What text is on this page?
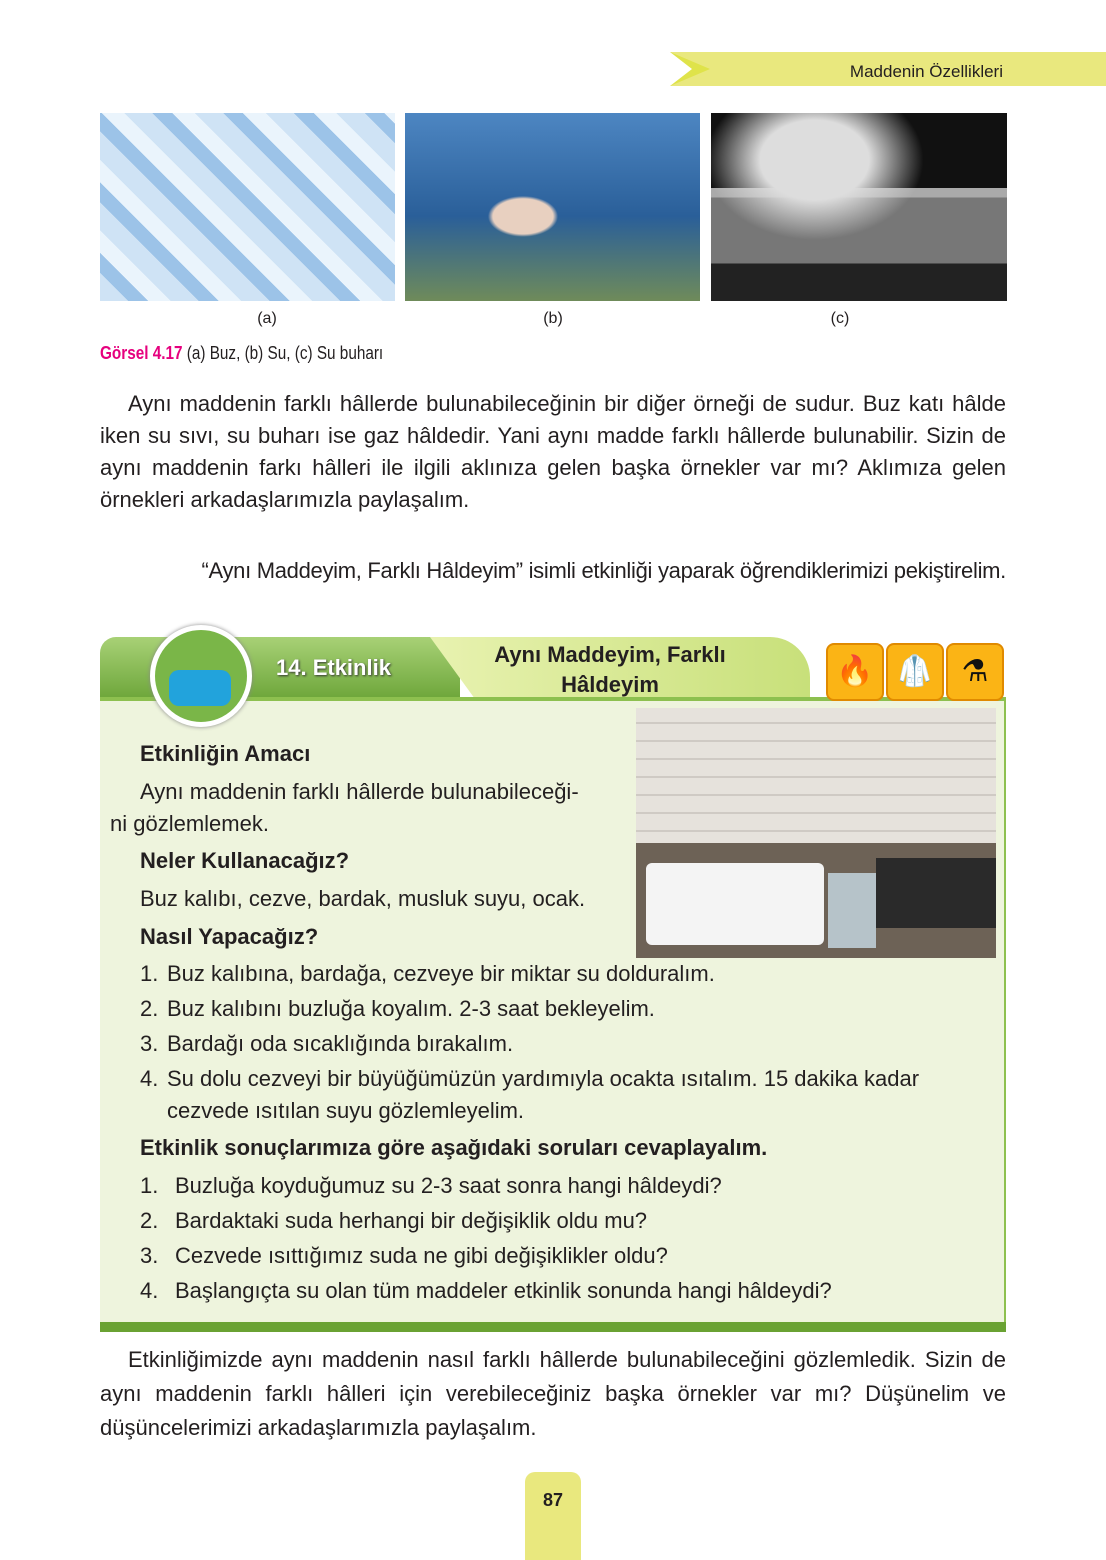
Maddenin Özellikleri
(a)	(b)	(c)
Görsel 4.17 (a) Buz, (b) Su, (c) Su buharı
Aynı maddenin farklı hâllerde bulunabileceğinin bir diğer örneği de sudur. Buz katı hâlde iken su sıvı, su buharı ise gaz hâldedir. Yani aynı madde farklı hâllerde bulunabilir. Sizin de aynı maddenin farkı hâlleri ile ilgili aklınıza gelen başka örnekler var mı? Aklımıza gelen örnekleri arkadaşlarımızla paylaşalım.
“Aynı Maddeyim, Farklı Hâldeyim” isimli etkinliği yaparak öğrendiklerimizi pekiştirelim.
14. Etkinlik
Aynı Maddeyim, Farklı
Hâldeyim	🔥 🥼 ⚗
Etkinliğin Amacı
Aynı maddenin farklı hâllerde bulunabileceği-
ni gözlemlemek.
Neler Kullanacağız?
Buz kalıbı, cezve, bardak, musluk suyu, ocak.
Nasıl Yapacağız?
1. Buz kalıbına, bardağa, cezveye bir miktar su dolduralım.
2. Buz kalıbını buzluğa koyalım. 2-3 saat bekleyelim.
3. Bardağı oda sıcaklığında bırakalım.
4. Su dolu cezveyi bir büyüğümüzün yardımıyla ocakta ısıtalım. 15 dakika kadar
cezvede ısıtılan suyu gözlemleyelim.
Etkinlik sonuçlarımıza göre aşağıdaki soruları cevaplayalım.
1. Buzluğa koyduğumuz su 2-3 saat sonra hangi hâldeydi?
2. Bardaktaki suda herhangi bir değişiklik oldu mu?
3. Cezvede ısıttığımız suda ne gibi değişiklikler oldu?
4. Başlangıçta su olan tüm maddeler etkinlik sonunda hangi hâldeydi?
Etkinliğimizde aynı maddenin nasıl farklı hâllerde bulunabileceğini gözlemledik. Sizin de aynı maddenin farklı hâlleri için verebileceğiniz başka örnekler var mı? Düşünelim ve düşüncelerimizi arkadaşlarımızla paylaşalım.
87
